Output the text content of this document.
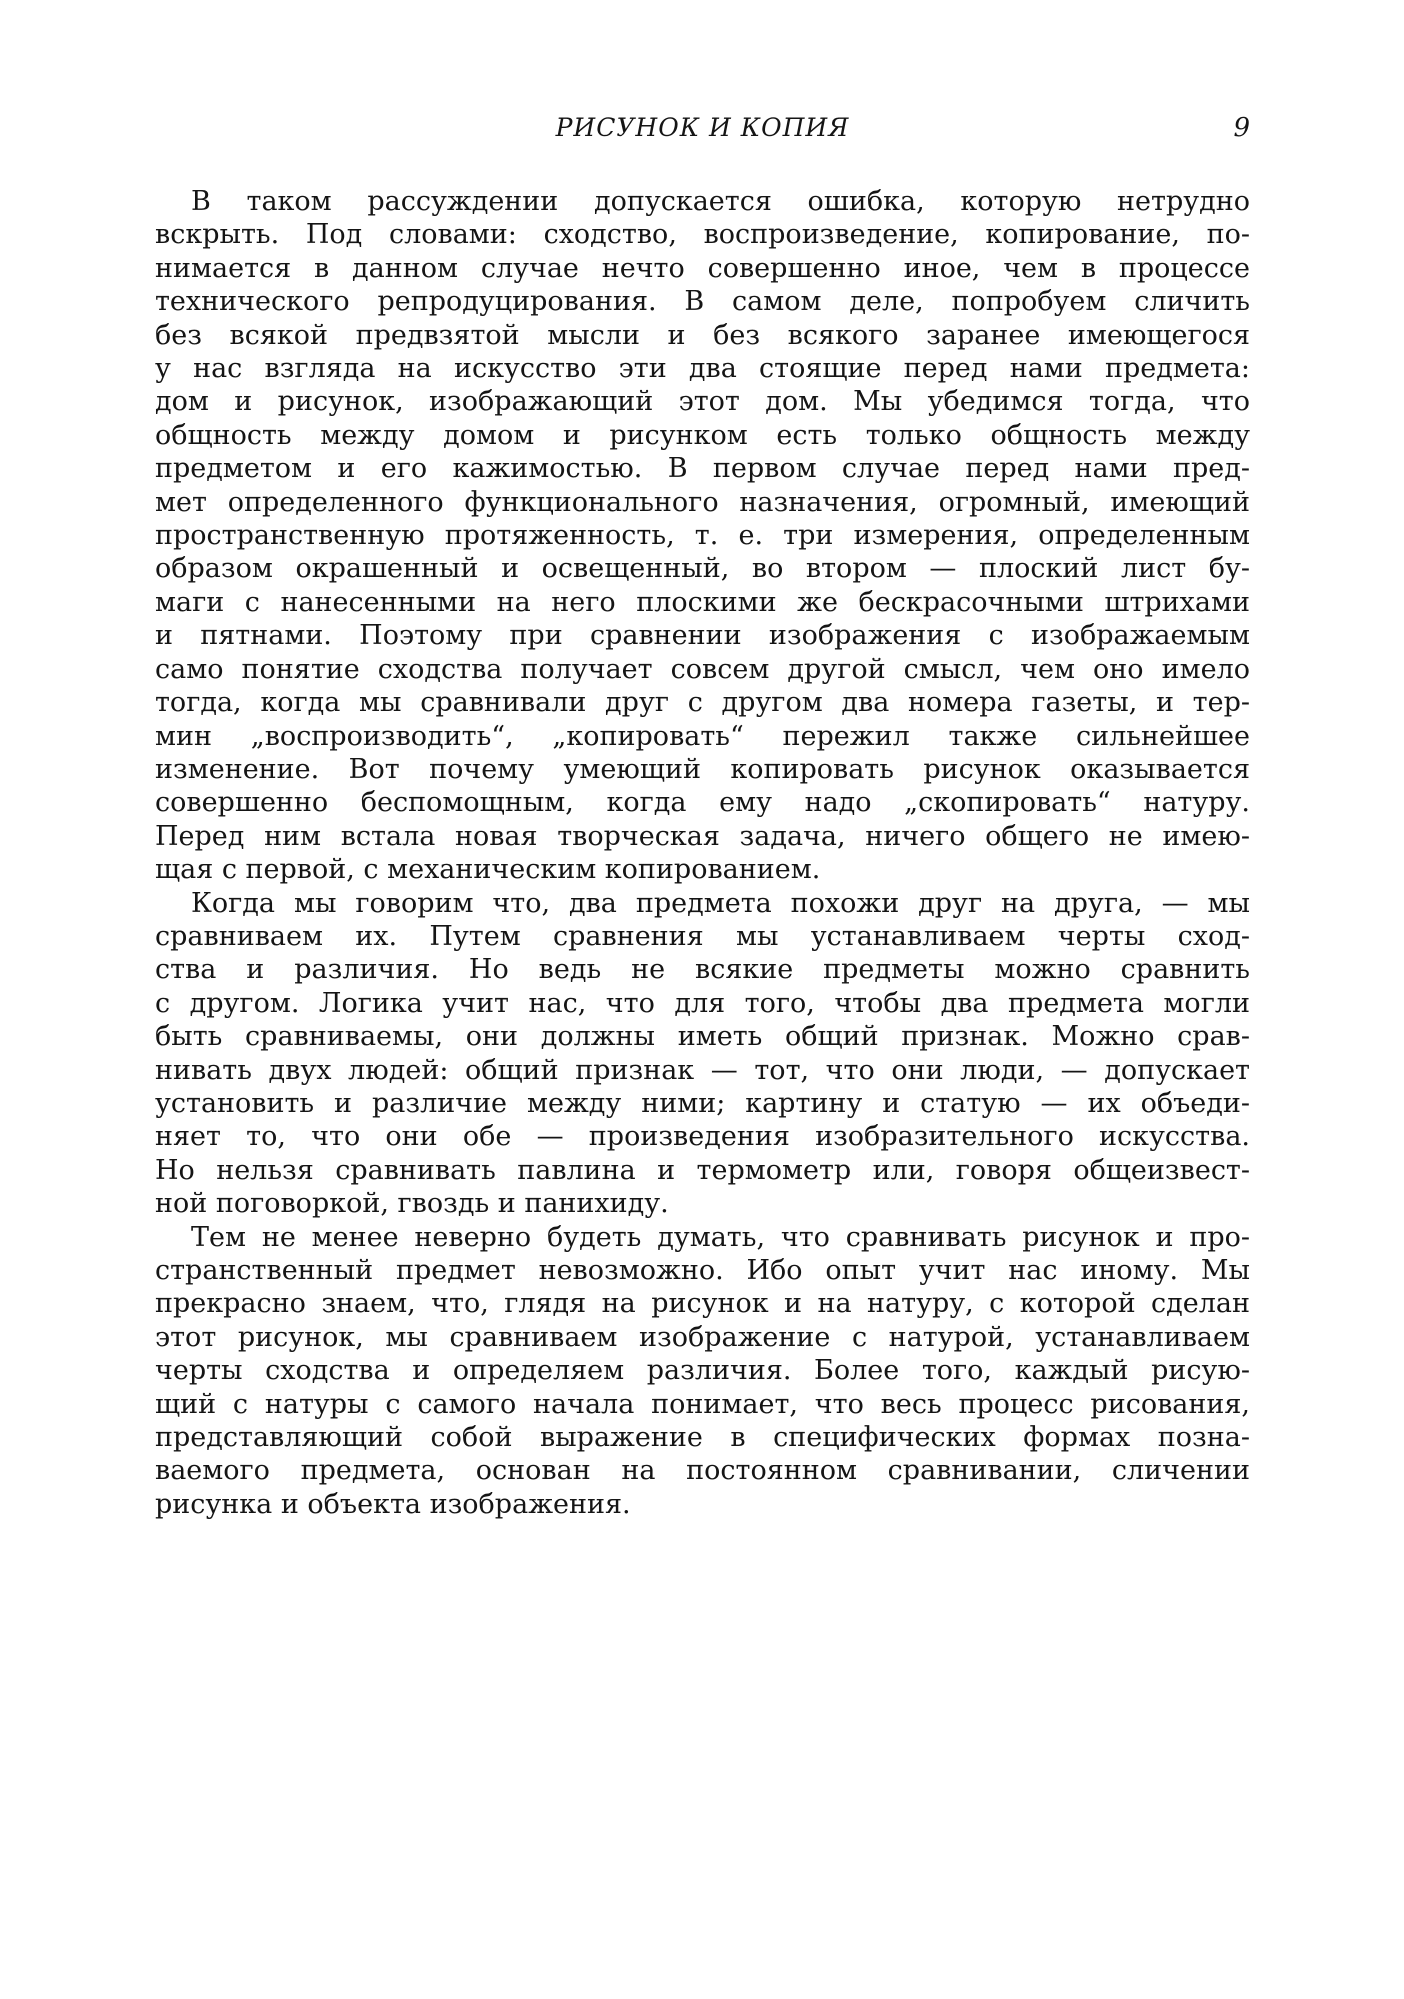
РИСУНОК И КОПИЯ	9

В таком рассуждении допускается ошибка, которую нетрудно
вскрыть. Под словами: сходство, воспроизведение, копирование, по-
нимается в данном случае нечто совершенно иное, чем в процессе
технического репродуцирования. В самом деле, попробуем сличить
без всякой предвзятой мысли и без всякого заранее имеющегося
у нас взгляда на искусство эти два стоящие перед нами предмета:
дом и рисунок, изображающий этот дом. Мы убедимся тогда, что
общность между домом и рисунком есть только общность между
предметом и его кажимостью. В первом случае перед нами пред-
мет определенного функционального назначения, огромный, имеющий
пространственную протяженность, т. е. три измерения, определенным
образом окрашенный и освещенный, во втором — плоский лист бу-
маги с нанесенными на него плоскими же бескрасочными штрихами
и пятнами. Поэтому при сравнении изображения с изображаемым
само понятие сходства получает совсем другой смысл, чем оно имело
тогда, когда мы сравнивали друг с другом два номера газеты, и тер-
мин „воспроизводить“, „копировать“ пережил также сильнейшее
изменение. Вот почему умеющий копировать рисунок оказывается
совершенно беспомощным, когда ему надо „скопировать“ натуру.
Перед ним встала новая творческая задача, ничего общего не имею-
щая с первой, с механическим копированием.

Когда мы говорим что, два предмета похожи друг на друга, — мы
сравниваем их. Путем сравнения мы устанавливаем черты сход-
ства и различия. Но ведь не всякие предметы можно сравнить
с другом. Логика учит нас, что для того, чтобы два предмета могли
быть сравниваемы, они должны иметь общий признак. Можно срав-
нивать двух людей: общий признак — тот, что они люди, — допускает
установить и различие между ними; картину и статую — их объеди-
няет то, что они обе — произведения изобразительного искусства.
Но нельзя сравнивать павлина и термометр или, говоря общеизвест-
ной поговоркой, гвоздь и панихиду.

Тем не менее неверно будеть думать, что сравнивать рисунок и про-
странственный предмет невозможно. Ибо опыт учит нас иному. Мы
прекрасно знаем, что, глядя на рисунок и на натуру, с которой сделан
этот рисунок, мы сравниваем изображение с натурой, устанавливаем
черты сходства и определяем различия. Более того, каждый рисую-
щий с натуры с самого начала понимает, что весь процесс рисования,
представляющий собой выражение в специфических формах позна-
ваемого предмета, основан на постоянном сравнивании, сличении
рисунка и объекта изображения.
